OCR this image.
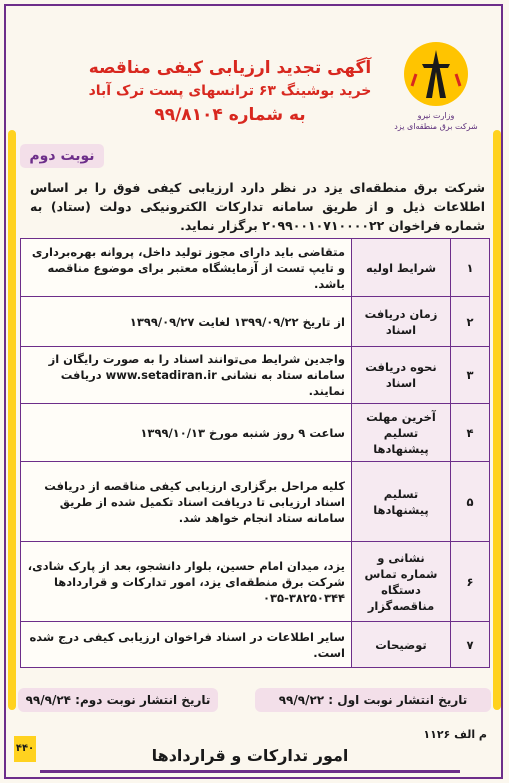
وزارت نیرو
شرکت برق منطقه‌ای یزد
آگهی تجدید ارزیابی کیفی مناقصه
خرید بوشینگ ۶۳ ترانسهای پست ترک آباد
به شماره ۹۹/۸۱۰۴
نوبت دوم
شرکت برق منطقه‌ای یزد در نظر دارد ارزیابی کیفی فوق را بر اساس اطلاعات ذیل و از طریق سامانه تدارکات الکترونیکی دولت (ستاد) به شماره فراخوان ۲۰۹۹۰۰۱۰۷۱۰۰۰۰۲۲ برگزار نماید.
۱	شرایط اولیه	متقاضی باید دارای مجوز تولید داخل، پروانه بهره‌برداری و تایپ تست از آزمایشگاه معتبر برای موضوع مناقصه باشد.
۲	زمان دریافت اسناد	از تاریخ ۱۳۹۹/۰۹/۲۲ لغایت ۱۳۹۹/۰۹/۲۷
۳	نحوه دریافت اسناد	واجدین شرایط می‌توانند اسناد را به صورت رایگان از سامانه ستاد به نشانی www.setadiran.ir دریافت نمایند.
۴	آخرین مهلت تسلیم پیشنهادها	ساعت ۹ روز شنبه مورخ ۱۳۹۹/۱۰/۱۳
۵	تسلیم پیشنهادها	کلیه مراحل برگزاری ارزیابی کیفی مناقصه از دریافت اسناد ارزیابی تا دریافت اسناد تکمیل شده از طریق سامانه ستاد انجام خواهد شد.
۶	نشانی و شماره تماس دستگاه مناقصه‌گزار	یزد، میدان امام حسین، بلوار دانشجو، بعد از پارک شادی، شرکت برق منطقه‌ای یزد، امور تدارکات و قراردادها ۳۸۲۵۰۳۴۴-۰۳۵
۷	توضیحات	سایر اطلاعات در اسناد فراخوان ارزیابی کیفی درج شده است.
تاریخ انتشار نوبت اول : ۹۹/۹/۲۲
تاریخ انتشار نوبت دوم: ۹۹/۹/۲۴
م الف ۱۱۲۶
۴۴۰	امور تدارکات و قراردادها
